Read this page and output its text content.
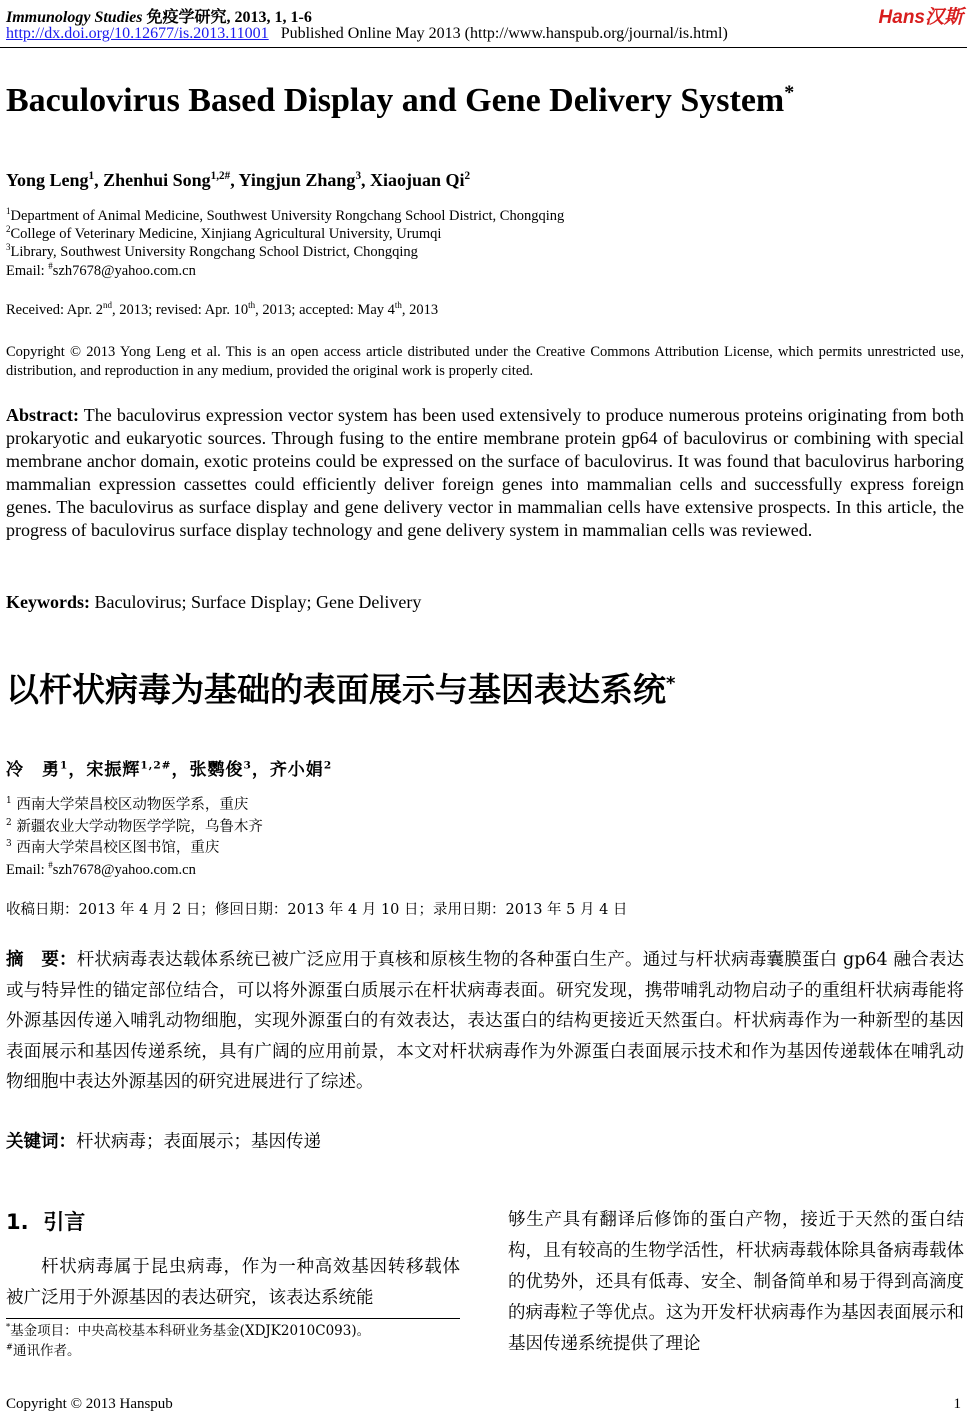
Immunology Studies 免疫学研究, 2013, 1, 1-6	Hans汉斯
http://dx.doi.org/10.12677/is.2013.11001 Published Online May 2013 (http://www.hanspub.org/journal/is.html)
Baculovirus Based Display and Gene Delivery System*
Yong Leng$^1$, Zhenhui Song$^{1,2\#}$, Yingjun Zhang$^3$, Xiaojuan Qi$^2$
$^1$Department of Animal Medicine, Southwest University Rongchang School District, Chongqing
$^2$College of Veterinary Medicine, Xinjiang Agricultural University, Urumqi
$^3$Library, Southwest University Rongchang School District, Chongqing
Email: #szh7678@yahoo.com.cn
Received: Apr. 2nd, 2013; revised: Apr. 10th, 2013; accepted: May 4th, 2013
Copyright © 2013 Yong Leng et al. This is an open access article distributed under the Creative Commons Attribution License, which permits unrestricted use, distribution, and reproduction in any medium, provided the original work is properly cited.
Abstract: The baculovirus expression vector system has been used extensively to produce numerous proteins originating from both prokaryotic and eukaryotic sources. Through fusing to the entire membrane protein gp64 of baculovirus or combining with special membrane anchor domain, exotic proteins could be expressed on the surface of baculovirus. It was found that baculovirus harboring mammalian expression cassettes could efficiently deliver foreign genes into mammalian cells and successfully express foreign genes. The baculovirus as surface display and gene delivery vector in mammalian cells have extensive prospects. In this article, the progress of baculovirus surface display technology and gene delivery system in mammalian cells was reviewed.
Keywords: Baculovirus; Surface Display; Gene Delivery
以杆状病毒为基础的表面展示与基因表达系统*
冷　勇$^1$，宋振辉$^{1,2\#}$，张鹦俊$^3$，齐小娟$^2$
$^1$ 西南大学荣昌校区动物医学系，重庆
$^2$ 新疆农业大学动物医学学院，乌鲁木齐
$^3$ 西南大学荣昌校区图书馆，重庆
Email: #szh7678@yahoo.com.cn
收稿日期：2013 年 4 月 2 日；修回日期：2013 年 4 月 10 日；录用日期：2013 年 5 月 4 日
摘　要：杆状病毒表达载体系统已被广泛应用于真核和原核生物的各种蛋白生产。通过与杆状病毒囊膜蛋白 gp64 融合表达或与特异性的锚定部位结合，可以将外源蛋白质展示在杆状病毒表面。研究发现，携带哺乳动物启动子的重组杆状病毒能将外源基因传递入哺乳动物细胞，实现外源蛋白的有效表达，表达蛋白的结构更接近天然蛋白。杆状病毒作为一种新型的基因表面展示和基因传递系统，具有广阔的应用前景，本文对杆状病毒作为外源蛋白表面展示技术和作为基因传递载体在哺乳动物细胞中表达外源基因的研究进展进行了综述。
关键词：杆状病毒；表面展示；基因传递
1. 引言

杆状病毒属于昆虫病毒，作为一种高效基因转移载体被广泛用于外源基因的表达研究，该表达系统能

够生产具有翻译后修饰的蛋白产物，接近于天然的蛋白结构，且有较高的生物学活性，杆状病毒载体除具备病毒载体的优势外，还具有低毒、安全、制备简单和易于得到高滴度的病毒粒子等优点。这为开发杆状病毒作为基因表面展示和基因传递系统提供了理论
*基金项目：中央高校基本科研业务基金(XDJK2010C093)。
#通讯作者。
Copyright © 2013 Hanspub	1
